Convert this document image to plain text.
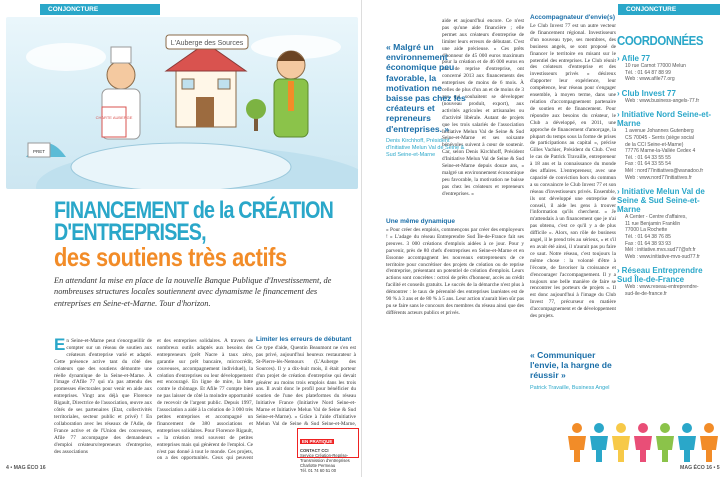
CONJONCTURE
L'Auberge des Sources
CHARTE AUBERGE
PRET
FINANCEMENT de la CRÉATION
D'ENTREPRISES,
des soutiens très actifs
En attendant la mise en place de la nouvelle Banque Publique d'Investissement, de nombreuses structures locales soutiennent avec dynamisme le financement des entreprises en Seine-et-Marne. Tour d'horizon.
En Seine-et-Marne peut s'enorgueillir de compter sur un réseau de soutien aux créateurs d'entreprise varié et adapté. Cette présence active tant du côté des créateurs que des soutiens démontre une réelle dynamique de la Seine-et-Marne. À l'image d'Afile 77 qui n'a pas attendu des promesses électorales pour venir en aide aux entreprises. Vingt ans déjà que Florence Rigault, Directrice de l'association, œuvre aux côtés de ses partenaires (Etat, collectivités territoriales, secteur public et privé) ! En collaboration avec les réseaux de l'Adie, de France active et de l'Union des couveuses, Afile 77 accompagne des demandeurs d'emploi créateurs/repreneurs d'entreprise, des associations
et des entreprises solidaires. À travers de nombreux outils adaptés aux besoins des entrepreneurs (prêt Nacre à taux zéro, garantie sur prêt bancaire, microcrédit, couveuses, accompagnement individuel), la création d'entreprises ou leur développement est encouragé. En ligne de mire, la lutte contre le chômage. Et Afile 77 compte bien ne pas laisser de côté la moindre opportunité de recevoir de l'argent public. Depuis 1997, l'association a aidé à la création de 3 000 très petites entreprises et accompagné un financement de 380 associations et entreprises solidaires. Pour Florence Rigault, « la création rend souvent de petites entreprises mais qui génèrent de l'emploi. Ce n'est pas donné à tout le monde. Ces projets, on a des opportunités. Ceux qui peuvent
Limiter les erreurs de débutant
Ce type d'aide, Quentin Beaumont ne s'en est pas privé, aujourd'hui heureux restaurateur à St-Pierre-lès-Nemours (L'Auberge des Sources). Il y a dix-huit mois, il était porteur d'un projet de création d'entreprise qui devait générer au moins trois emplois dans les trois ans. Il avait donc le profil pour bénéficier du soutien de l'une des plateformes du réseau Initiative France (Initiative Nord Seine-et-Marne et Initiative Melun Val de Seine & Sud Seine-et-Marne). « Grâce à l'aide d'Initiative Melun Val de Seine & Sud Seine-et-Marne,
EN PRATIQUE
CONTACT CCI
Service Création-Reprise-Transmission d'entreprises
Charlotte Permeau
Tél. 01 74 60 51 00
4 • MAG ÉCO 16
CONJONCTURE
aide et aujourd'hui encore. Ce n'est pas qu'une aide financière ; elle permet aux créateurs d'entreprise de limiter leurs erreurs de débutant. C'est une aide précieuse. » Ces prêts d'honneur de 45 000 euros maximum pour la création et de 46 000 euros en cas de reprise d'entreprise, ont concerné 2013 aux financements des entreprises de moins de 6 mois. À celles de plus d'un an et de moins de 3 ans qui souhaitent se développer (nouveau produit, export), aux activités agricoles et artisanales ou d'activité libérale. Autant de projets que les trois salariés de l'association Initiative Melun Val de Seine & Sud Seine-et-Marne et ses soixante bénévoles suivent à cœur de soutenir. Car, selon Denis Kirchhoff, Président d'Initiative Melun Val de Seine & Sud Seine-et-Marne depuis douze ans, « malgré un environnement économique peu favorable, la motivation ne baisse pas chez les créateurs et repreneurs d'entreprises. »
« Malgré un environnement économique peu favorable, la motivation ne baisse pas chez les créateurs et repreneurs d'entreprises. »
Denis Kirchhoff, Président d'Initiative Melun Val de Seine & Sud Seine-et-Marne
Une même dynamique
« Pour créer des emplois, commençons par créer des employeurs ! » L'adage du réseau Entreprendre Sud Île-de-France fait ses preuves. 3 000 créations d'emplois aidées à ce jour. Pour y parvenir, près de 80 chefs d'entreprises en Seine-et-Marne et en Essonne accompagnent les nouveaux entrepreneurs de ce territoire pour concrétiser des projets de création ou de reprise d'entreprise, présentant un potentiel de création d'emplois. Leurs actions sont concrètes : octroi de prêts d'honneur, accès au crédit facilité et conseils gratuits. Le succès de la démarche n'est plus à démontrer : le taux de pérennité des entreprises lauréates est de 90 % à 3 ans et de 80 % à 5 ans. Leur action n'aurait bien sûr pas pu se faire sans le concours des membres du réseau ainsi que des différents acteurs publics et privés.
Accompagnateur d'envie(s)
Le Club Invest 77 est un autre vecteur de financement régional. Investisseurs d'un nouveau type, ses membres, des business angels, se sont proposé de financer le territoire en misant sur le potentiel des entreprises. Le Club réunit des créateurs d'entreprise et des investisseurs privés « désireux d'apporter leur expérience, leur compétence, leur réseau pour s'engager ensemble, à moyen terme, dans une relation d'accompagnement partenaire de soutien et de financement. Pour répondre aux besoins du créateur, le Club a développé, en 2011, une approche de financement d'amorçage, la plupart du temps sous la forme de prises de participations au capital », précise Gilles Vachier, Président du Club. C'est le cas de Patrick Travaille, entrepreneur à 18 ans et la connaissance du monde des affaires. L'entrepreneur, avec une capacité de conviction hors du commun a su convaincre le Club Invest 77 et son réseau d'investisseurs privés. Ensemble, ils ont développé une entreprise de conseil, il aide les gens à trouver l'information qu'ils cherchent. « Je m'attendais à un financement que je n'ai pas obtenu, c'est ce qu'il y a de plus difficile ». Alors, son rôle de business angel, il le prend très au sérieux, « et s'il en avait été ainsi, il n'aurait pas pu faire ce saut. Notre réseau, c'est toujours la même chose : la volonté d'être à l'écoute, de favoriser la croissance et d'encourager l'accompagnement. Il y a toujours une belle manière de faire se rencontrer les porteurs de projets ». Il est donc aujourd'hui à l'image du Club Invest 77, précurseur en matière d'accompagnement et de développement des projets.
« Communiquer l'envie, la hargne de réussir »
Patrick Travaille, Business Angel
MAG ÉCO 16 • 5
COORDONNÉES
› Afile 77
10 rue Carnot 77000 Melun
Tél. : 01 64 87 88 99
Web : www.afile77.org
› Club Invest 77
Web : www.business-angels-77.fr
› Initiative Nord Seine-et-Marne
1 avenue Johannes Gutenberg
CS 70045 - Serris (siège social
de la CCI Seine-et-Marne)
77776 Marne-la-Vallée Cedex 4
Tél. : 01 64 33 55 55
Fax : 01 64 33 55 54
Mél : nord77initiatives@wanadoo.fr
Web : www.nord77initiatives.fr
› Initiative Melun Val de Seine & Sud Seine-et-Marne
A Center - Centre d'affaires,
11 rue Benjamin Franklin
77000 La Rochette
Tél. : 01 64 38 76 85
Fax : 01 64 38 93 93
Mél : initiative.mvs.sud77@sfr.fr
Web : www.initiative-mvs-sud77.fr
› Réseau Entreprendre Sud Île-de-France
Web : www.reseau-entreprendre-
sud-ile-de-france.fr
